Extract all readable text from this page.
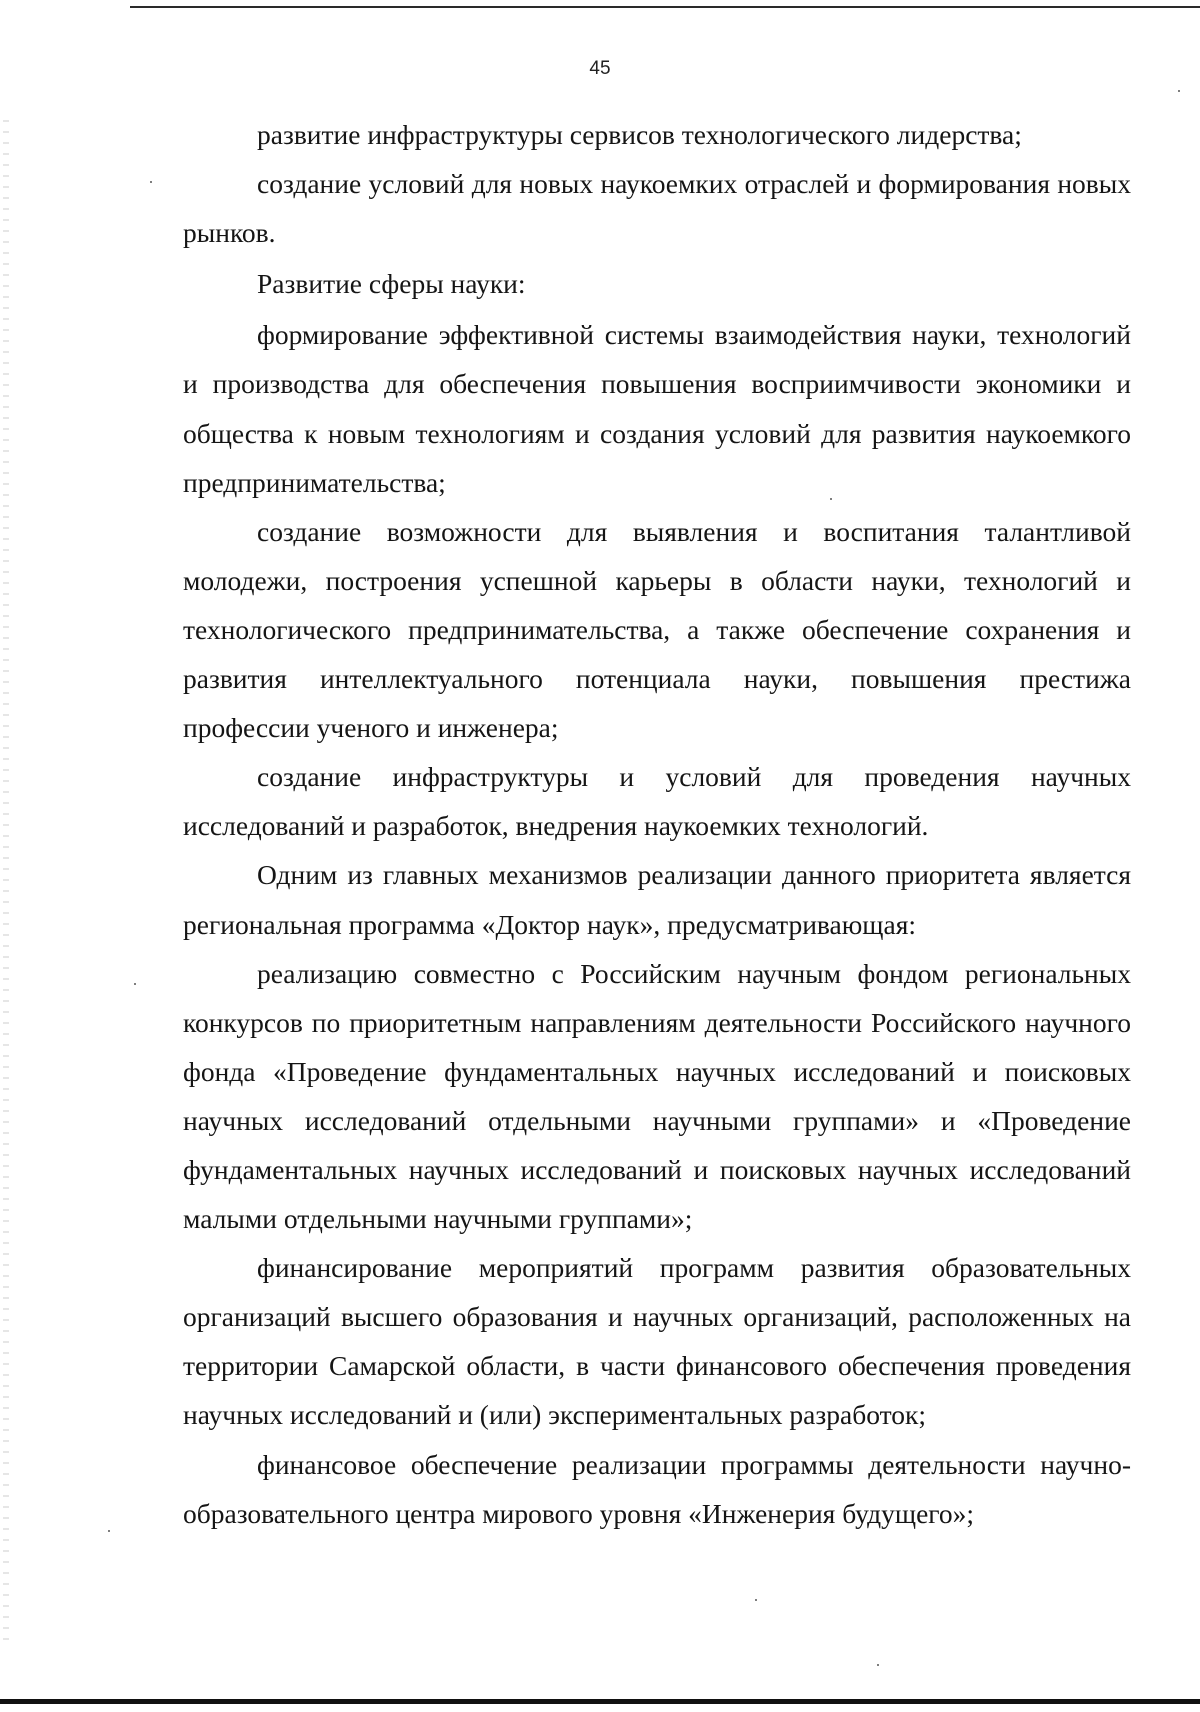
45

развитие инфраструктуры сервисов технологического лидерства;

создание условий для новых наукоемких отраслей и формирования новых рынков.

Развитие сферы науки:

формирование эффективной системы взаимодействия науки, технологий и производства для обеспечения повышения восприимчивости экономики и общества к новым технологиям и создания условий для развития наукоемкого предпринимательства;

создание возможности для выявления и воспитания талантливой молодежи, построения успешной карьеры в области науки, технологий и технологического предпринимательства, а также обеспечение сохранения и развития интеллектуального потенциала науки, повышения престижа профессии ученого и инженера;

создание инфраструктуры и условий для проведения научных исследований и разработок, внедрения наукоемких технологий.

Одним из главных механизмов реализации данного приоритета является региональная программа «Доктор наук», предусматривающая:

реализацию совместно с Российским научным фондом региональных конкурсов по приоритетным направлениям деятельности Российского научного фонда «Проведение фундаментальных научных исследований и поисковых научных исследований отдельными научными группами» и «Проведение фундаментальных научных исследований и поисковых научных исследований малыми отдельными научными группами»;

финансирование мероприятий программ развития образовательных организаций высшего образования и научных организаций, расположенных на территории Самарской области, в части финансового обеспечения проведения научных исследований и (или) экспериментальных разработок;

финансовое обеспечение реализации программы деятельности научно-образовательного центра мирового уровня «Инженерия будущего»;
